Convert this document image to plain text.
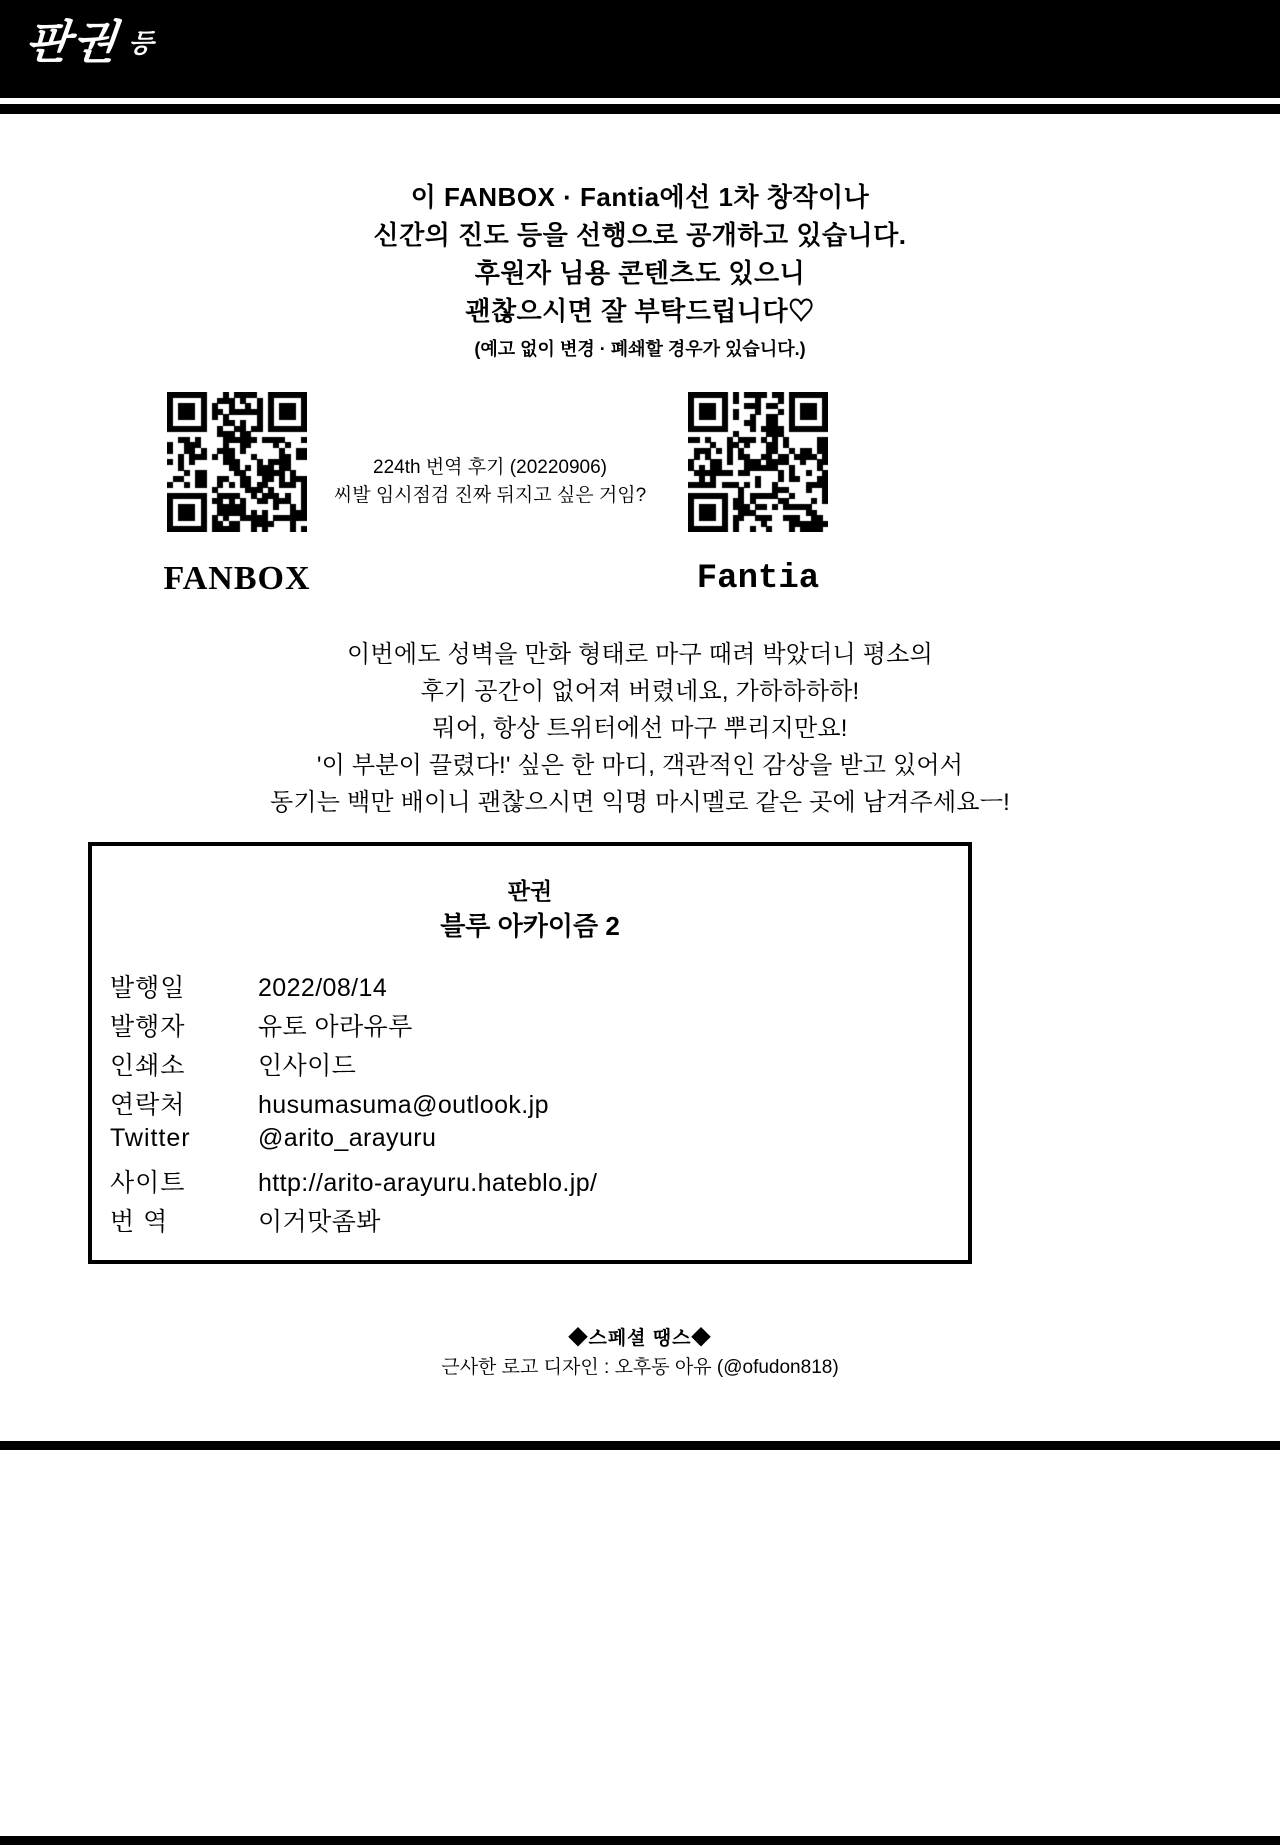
판권 $^등$
이 FANBOX · Fantia에선 1차 창작이나
신간의 진도 등을 선행으로 공개하고 있습니다.
후원자 님용 콘텐츠도 있으니
괜찮으시면 잘 부탁드립니다♡
(예고 없이 변경 · 폐쇄할 경우가 있습니다.)
FANBOX	Fantia
224th 번역 후기 (20220906)
씨발 임시점검 진짜 뒤지고 싶은 거임?
이번에도 성벽을 만화 형태로 마구 때려 박았더니 평소의
후기 공간이 없어져 버렸네요, 가하하하하!
뭐어, 항상 트위터에선 마구 뿌리지만요!
'이 부분이 끌렸다!' 싶은 한 마디, 객관적인 감상을 받고 있어서
동기는 백만 배이니 괜찮으시면 익명 마시멜로 같은 곳에 남겨주세요ㅡ!
판권
블루 아카이즘 2
발행일	2022/08/14
발행자	유토 아라유루
인쇄소	인사이드
연락처	husumasuma@outlook.jp
Twitter	@arito_arayuru
사이트	http://arito-arayuru.hateblo.jp/
번 역	이거맛좀봐
◆스페셜 땡스◆
근사한 로고 디자인 : 오후동 아유 (@ofudon818)
